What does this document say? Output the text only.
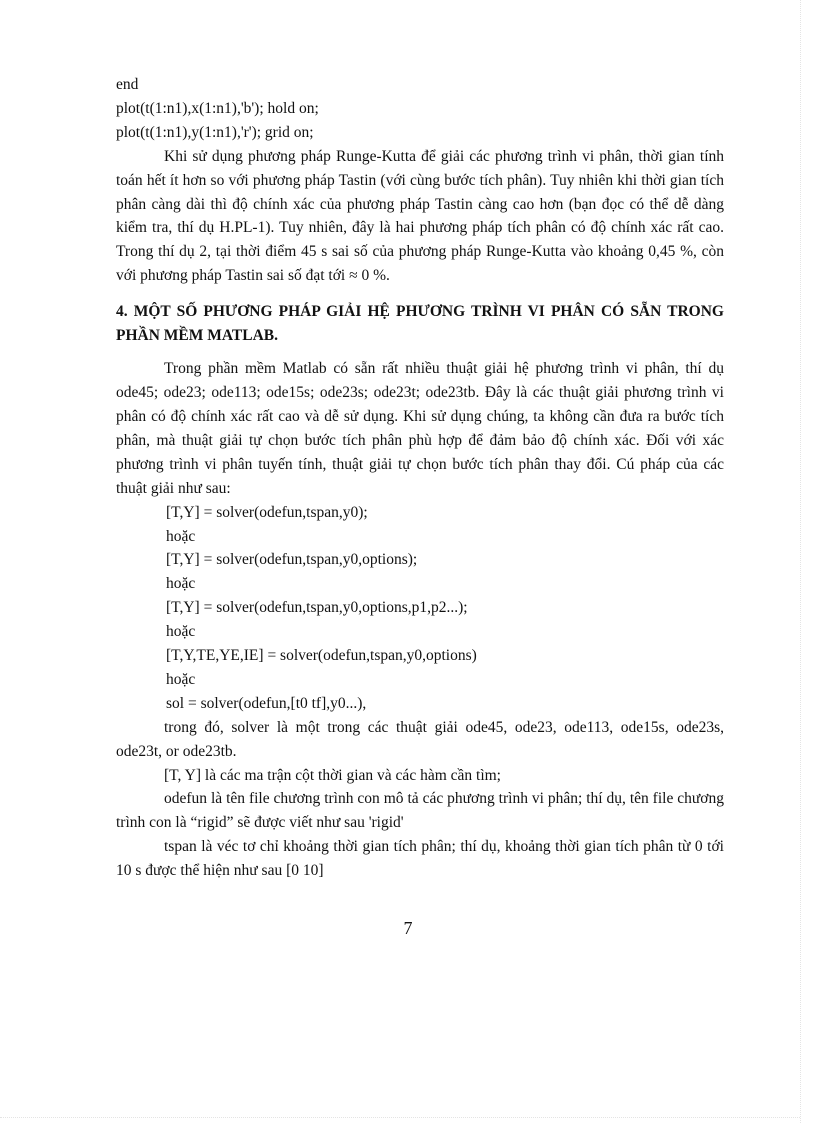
end
plot(t(1:n1),x(1:n1),'b'); hold on;
plot(t(1:n1),y(1:n1),'r'); grid on;
Khi sử dụng phương pháp Runge-Kutta để giải các phương trình vi phân, thời gian tính toán hết ít hơn so với phương pháp Tastin (với cùng bước tích phân). Tuy nhiên khi thời gian tích phân càng dài thì độ chính xác của phương pháp Tastin càng cao hơn (bạn đọc có thể dễ dàng kiểm tra, thí dụ H.PL-1). Tuy nhiên, đây là hai phương pháp tích phân có độ chính xác rất cao. Trong thí dụ 2, tại thời điểm 45 s sai số của phương pháp Runge-Kutta vào khoảng 0,45 %, còn với phương pháp Tastin sai số đạt tới ≈ 0 %.
4. MỘT SỐ PHƯƠNG PHÁP GIẢI HỆ PHƯƠNG TRÌNH VI PHÂN CÓ SẴN TRONG PHẦN MỀM MATLAB.
Trong phần mềm Matlab có sẵn rất nhiều thuật giải hệ phương trình vi phân, thí dụ ode45; ode23; ode113; ode15s; ode23s; ode23t; ode23tb. Đây là các thuật giải phương trình vi phân có độ chính xác rất cao và dễ sử dụng. Khi sử dụng chúng, ta không cần đưa ra bước tích phân, mà thuật giải tự chọn bước tích phân phù hợp để đảm bảo độ chính xác. Đối với xác phương trình vi phân tuyến tính, thuật giải tự chọn bước tích phân thay đổi. Cú pháp của các thuật giải như sau:
[T,Y] = solver(odefun,tspan,y0);
hoặc
[T,Y] = solver(odefun,tspan,y0,options);
hoặc
[T,Y] = solver(odefun,tspan,y0,options,p1,p2...);
hoặc
[T,Y,TE,YE,IE] = solver(odefun,tspan,y0,options)
hoặc
sol = solver(odefun,[t0 tf],y0...),
trong đó, solver là một trong các thuật giải ode45, ode23, ode113, ode15s, ode23s, ode23t, or ode23tb.
[T, Y] là các ma trận cột thời gian và các hàm cần tìm;
odefun là tên file chương trình con mô tả các phương trình vi phân; thí dụ, tên file chương trình con là “rigid” sẽ được viết như sau 'rigid'
tspan là véc tơ chỉ khoảng thời gian tích phân; thí dụ, khoảng thời gian tích phân từ 0 tới 10 s được thể hiện như sau [0 10]
7
